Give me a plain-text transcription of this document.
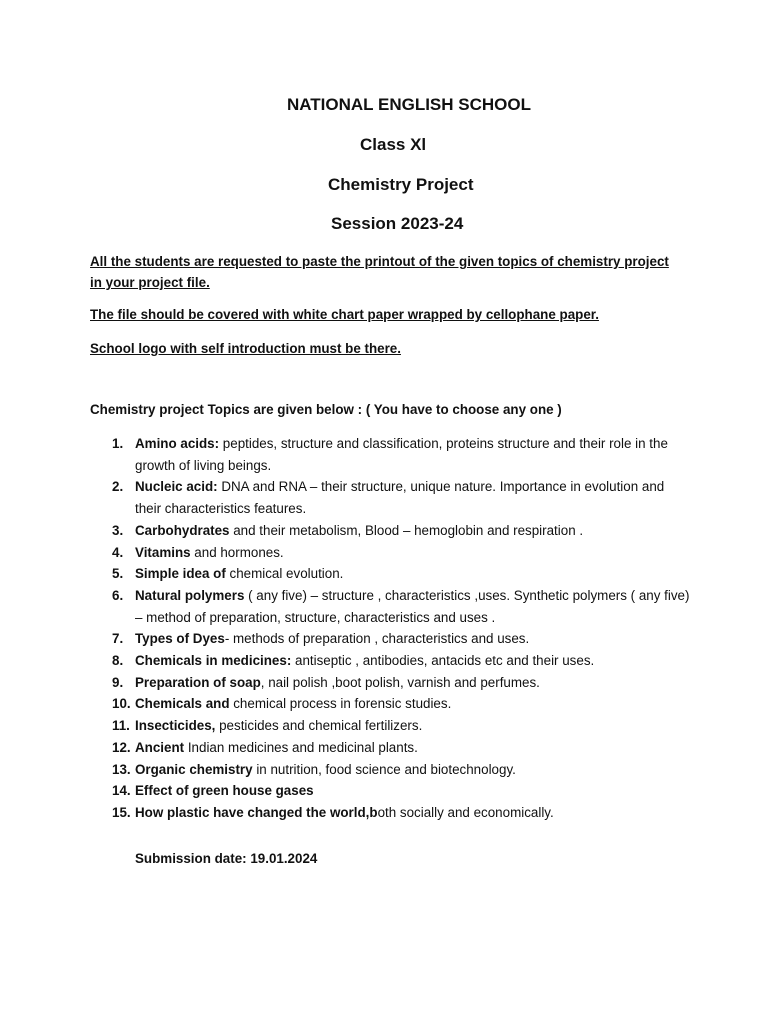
NATIONAL ENGLISH SCHOOL
Class Xl
Chemistry Project
Session 2023-24
All the students are requested to paste the printout of the given topics of chemistry project in your project file.
The file should be covered with white chart paper wrapped by cellophane paper.
School logo with self introduction must be there.
Chemistry project Topics are given below : ( You have to choose any one )
1. Amino acids: peptides, structure and classification, proteins structure and their role in the growth of living beings.
2. Nucleic acid: DNA and RNA – their structure, unique nature. Importance in evolution and their characteristics features.
3. Carbohydrates and their metabolism, Blood – hemoglobin and respiration .
4. Vitamins and hormones.
5. Simple idea of chemical evolution.
6. Natural polymers ( any five) – structure , characteristics ,uses. Synthetic polymers ( any five) – method of preparation, structure, characteristics and uses .
7. Types of Dyes- methods of preparation , characteristics and uses.
8. Chemicals in medicines: antiseptic , antibodies, antacids etc and their uses.
9. Preparation of soap, nail polish ,boot polish, varnish and perfumes.
10. Chemicals and chemical process in forensic studies.
11. Insecticides, pesticides and chemical fertilizers.
12. Ancient Indian medicines and medicinal plants.
13. Organic chemistry in nutrition, food science and biotechnology.
14. Effect of green house gases
15. How plastic have changed the world,both socially and economically.
Submission date: 19.01.2024
